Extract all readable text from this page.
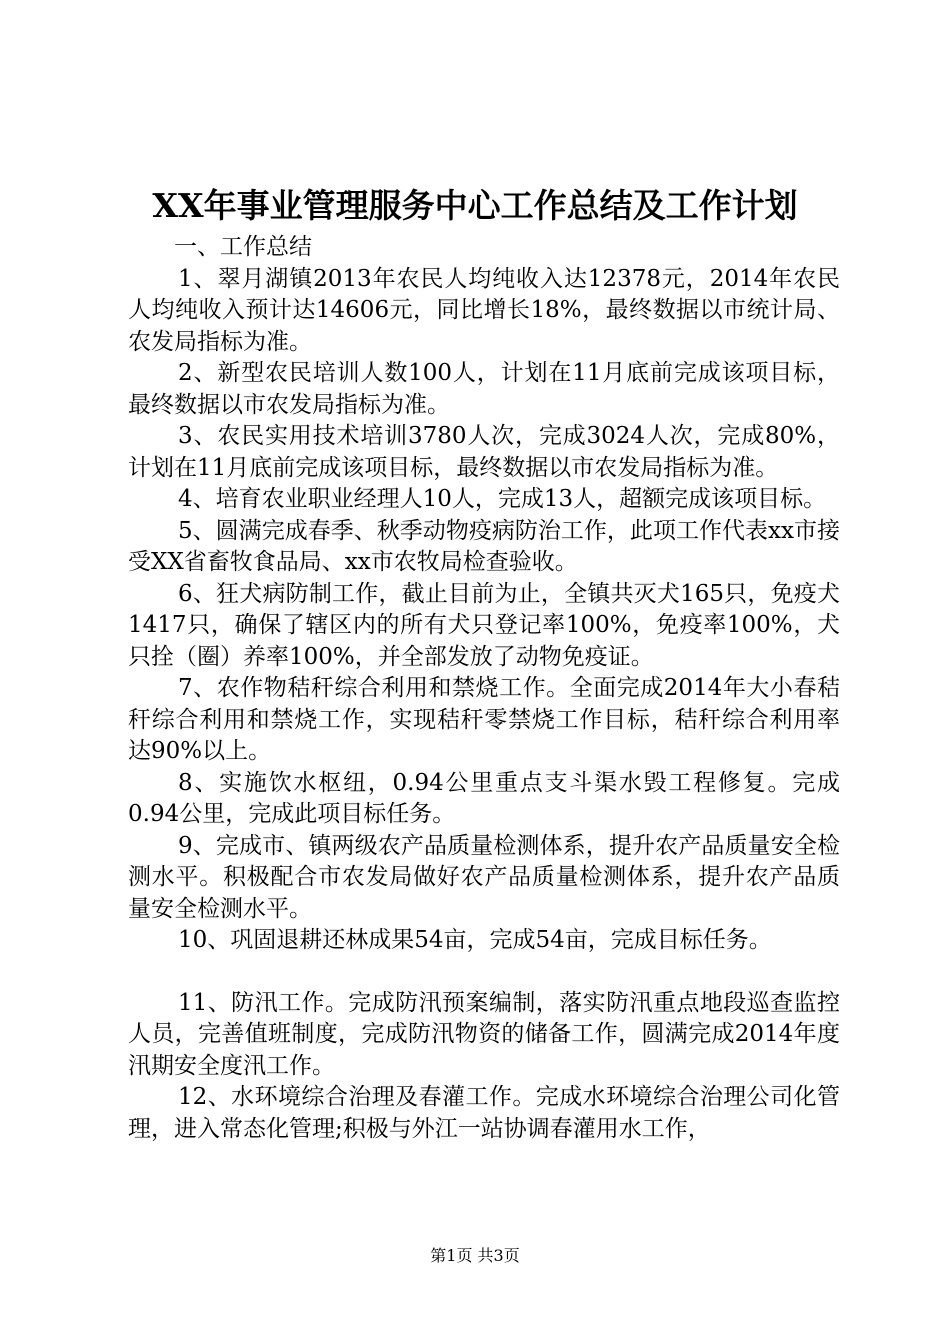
XX年事业管理服务中心工作总结及工作计划

一、工作总结

1、翠月湖镇2013年农民人均纯收入达12378元，2014年农民人均纯收入预计达14606元，同比增长18%，最终数据以市统计局、农发局指标为准。

2、新型农民培训人数100人，计划在11月底前完成该项目标，最终数据以市农发局指标为准。

3、农民实用技术培训3780人次，完成3024人次，完成80%，计划在11月底前完成该项目标，最终数据以市农发局指标为准。

4、培育农业职业经理人10人，完成13人，超额完成该项目标。

5、圆满完成春季、秋季动物疫病防治工作，此项工作代表xx市接受XX省畜牧食品局、xx市农牧局检查验收。

6、狂犬病防制工作，截止目前为止，全镇共灭犬165只，免疫犬1417只，确保了辖区内的所有犬只登记率100%，免疫率100%，犬只拴（圈）养率100%，并全部发放了动物免疫证。

7、农作物秸秆综合利用和禁烧工作。全面完成2014年大小春秸秆综合利用和禁烧工作，实现秸秆零禁烧工作目标，秸秆综合利用率达90%以上。

8、实施饮水枢纽，0.94公里重点支斗渠水毁工程修复。完成0.94公里，完成此项目标任务。

9、完成市、镇两级农产品质量检测体系，提升农产品质量安全检测水平。积极配合市农发局做好农产品质量检测体系，提升农产品质量安全检测水平。

10、巩固退耕还林成果54亩，完成54亩，完成目标任务。

11、防汛工作。完成防汛预案编制，落实防汛重点地段巡查监控人员，完善值班制度，完成防汛物资的储备工作，圆满完成2014年度汛期安全度汛工作。

12、水环境综合治理及春灌工作。完成水环境综合治理公司化管理，进入常态化管理;积极与外江一站协调春灌用水工作，

第1页 共3页
